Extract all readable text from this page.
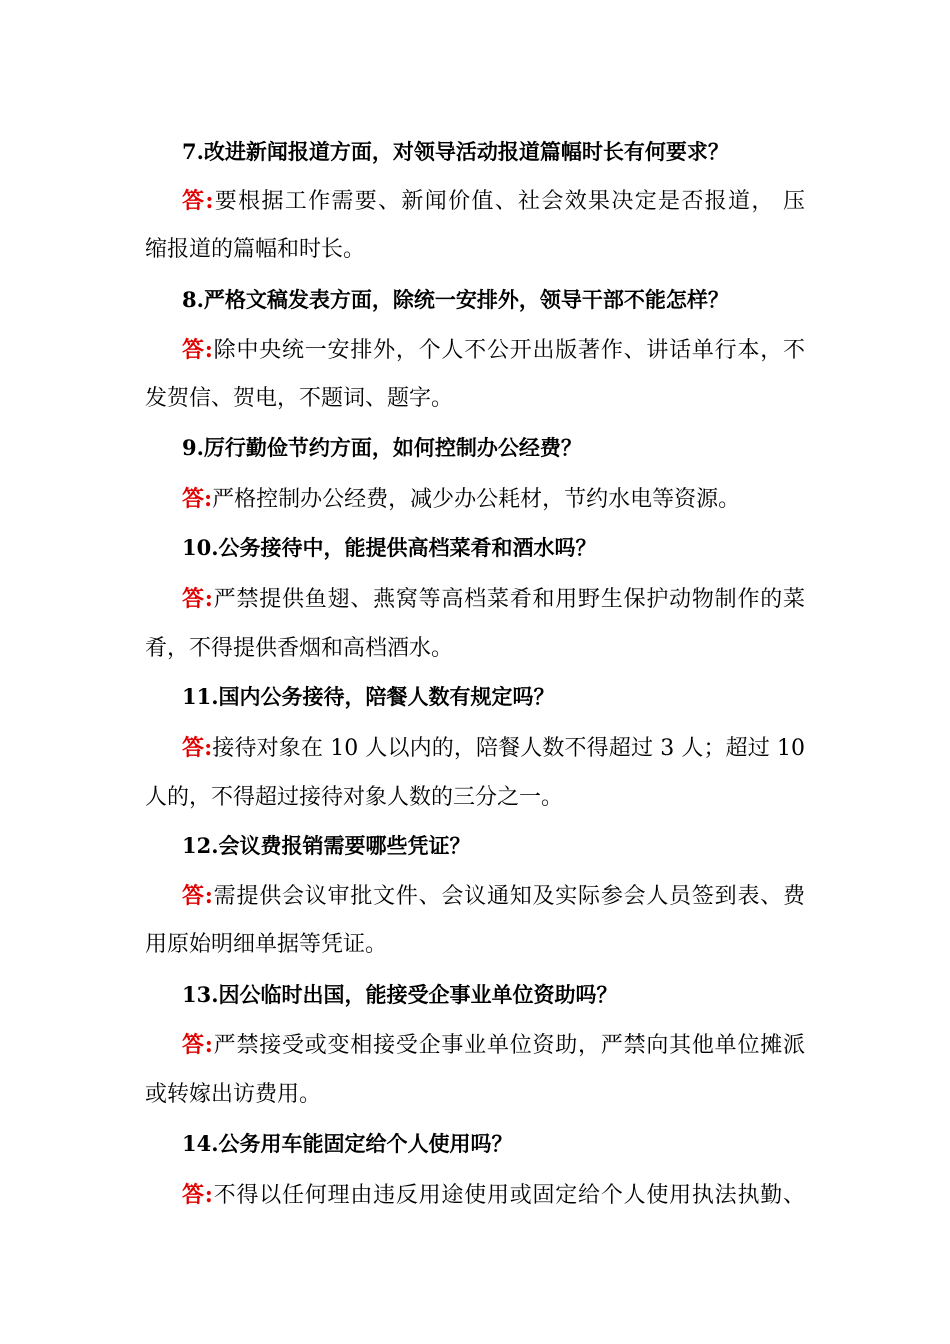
7.改进新闻报道方面，对领导活动报道篇幅时长有何要求？
答:要根据工作需要、新闻价值、社会效果决定是否报道， 压
缩报道的篇幅和时长。
8.严格文稿发表方面，除统一安排外，领导干部不能怎样？
答:除中央统一安排外，个人不公开出版著作、讲话单行本，不
发贺信、贺电，不题词、题字。
9.厉行勤俭节约方面，如何控制办公经费？
答:严格控制办公经费，减少办公耗材，节约水电等资源。
10.公务接待中，能提供高档菜肴和酒水吗？
答:严禁提供鱼翅、燕窝等高档菜肴和用野生保护动物制作的菜
肴，不得提供香烟和高档酒水。
11.国内公务接待，陪餐人数有规定吗？
答:接待对象在 10 人以内的，陪餐人数不得超过 3 人；超过 10
人的，不得超过接待对象人数的三分之一。
12.会议费报销需要哪些凭证？
答:需提供会议审批文件、会议通知及实际参会人员签到表、费
用原始明细单据等凭证。
13.因公临时出国，能接受企事业单位资助吗？
答:严禁接受或变相接受企事业单位资助，严禁向其他单位摊派
或转嫁出访费用。
14.公务用车能固定给个人使用吗？
答:不得以任何理由违反用途使用或固定给个人使用执法执勤、
